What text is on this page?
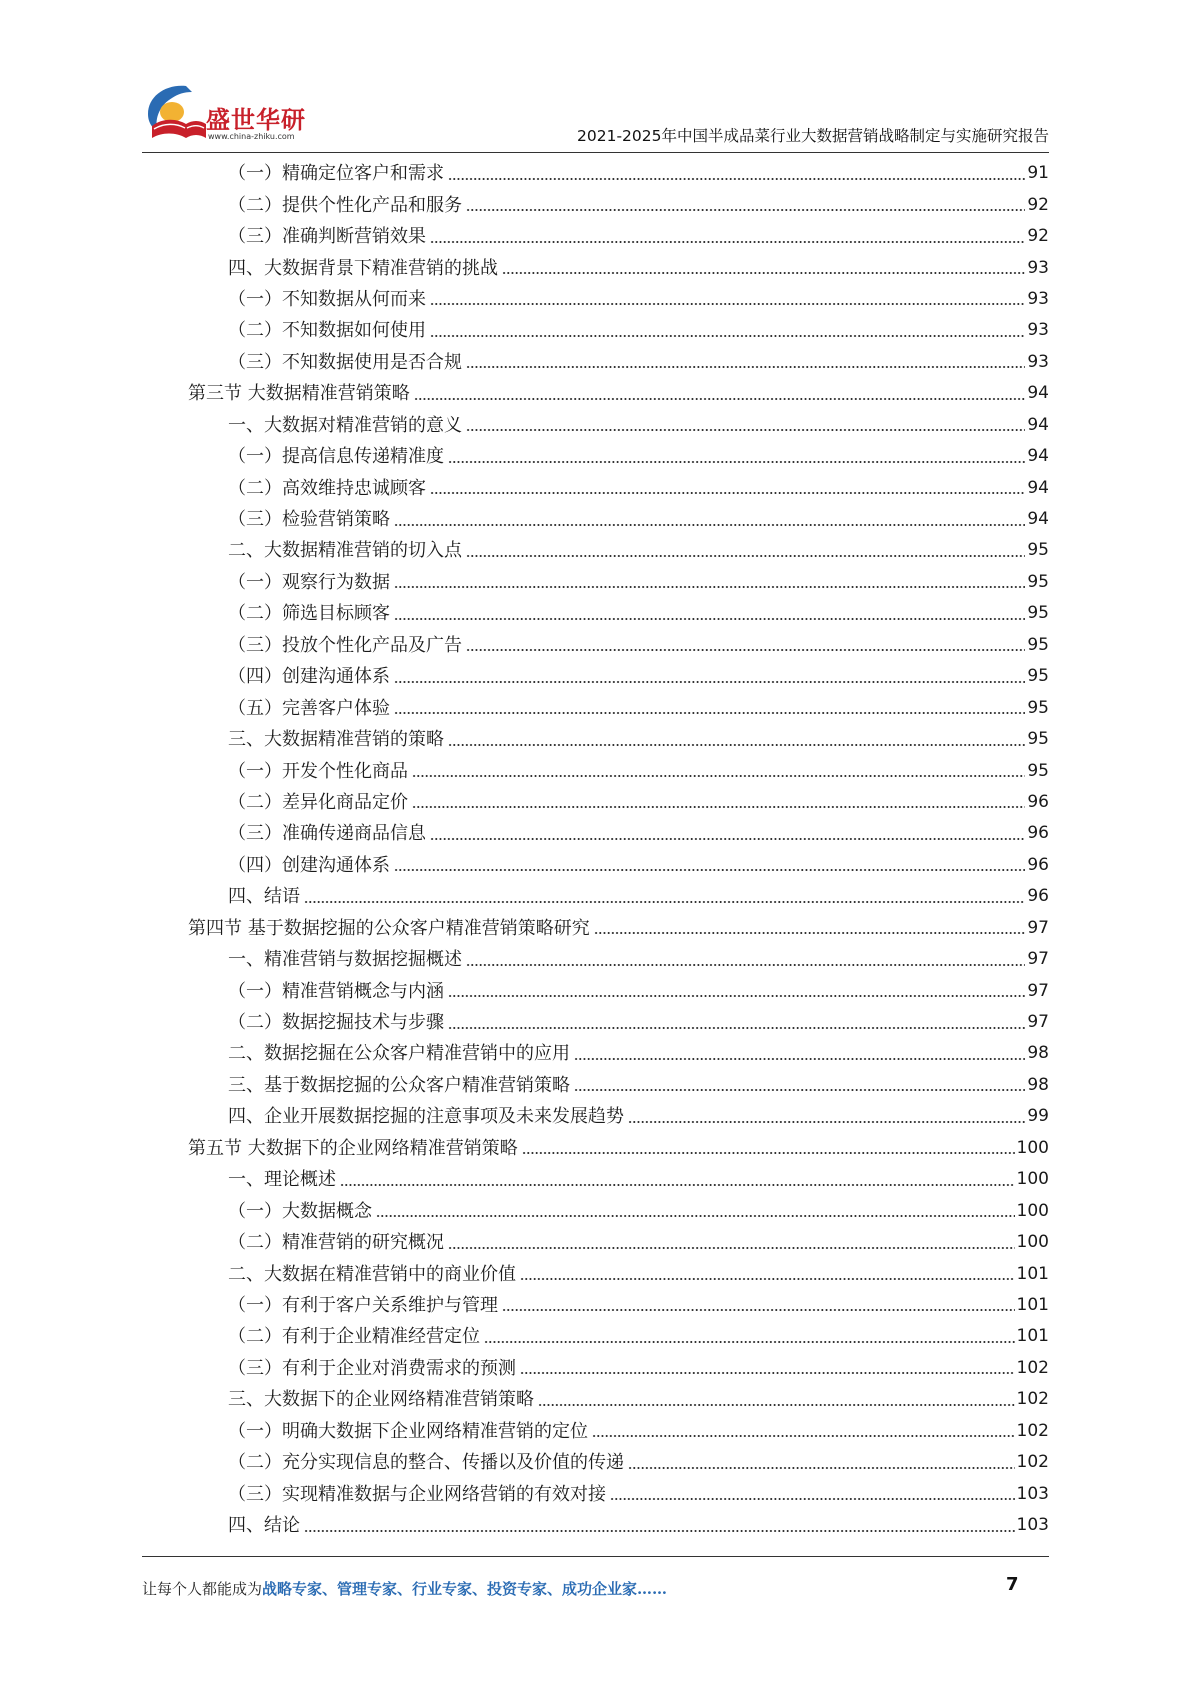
盛世华研
www.china-zhiku.com	2021-2025年中国半成品菜行业大数据营销战略制定与实施研究报告
（一）精确定位客户和需求	91
（二）提供个性化产品和服务	92
（三）准确判断营销效果	92
四、大数据背景下精准营销的挑战	93
（一）不知数据从何而来	93
（二）不知数据如何使用	93
（三）不知数据使用是否合规	93
第三节 大数据精准营销策略	94
一、大数据对精准营销的意义	94
（一）提高信息传递精准度	94
（二）高效维持忠诚顾客	94
（三）检验营销策略	94
二、大数据精准营销的切入点	95
（一）观察行为数据	95
（二）筛选目标顾客	95
（三）投放个性化产品及广告	95
（四）创建沟通体系	95
（五）完善客户体验	95
三、大数据精准营销的策略	95
（一）开发个性化商品	95
（二）差异化商品定价	96
（三）准确传递商品信息	96
（四）创建沟通体系	96
四、结语	96
第四节 基于数据挖掘的公众客户精准营销策略研究	97
一、精准营销与数据挖掘概述	97
（一）精准营销概念与内涵	97
（二）数据挖掘技术与步骤	97
二、数据挖掘在公众客户精准营销中的应用	98
三、基于数据挖掘的公众客户精准营销策略	98
四、企业开展数据挖掘的注意事项及未来发展趋势	99
第五节 大数据下的企业网络精准营销策略	100
一、理论概述	100
（一）大数据概念	100
（二）精准营销的研究概况	100
二、大数据在精准营销中的商业价值	101
（一）有利于客户关系维护与管理	101
（二）有利于企业精准经营定位	101
（三）有利于企业对消费需求的预测	102
三、大数据下的企业网络精准营销策略	102
（一）明确大数据下企业网络精准营销的定位	102
（二）充分实现信息的整合、传播以及价值的传递	102
（三）实现精准数据与企业网络营销的有效对接	103
四、结论	103
让每个人都能成为战略专家、管理专家、行业专家、投资专家、成功企业家……	7
